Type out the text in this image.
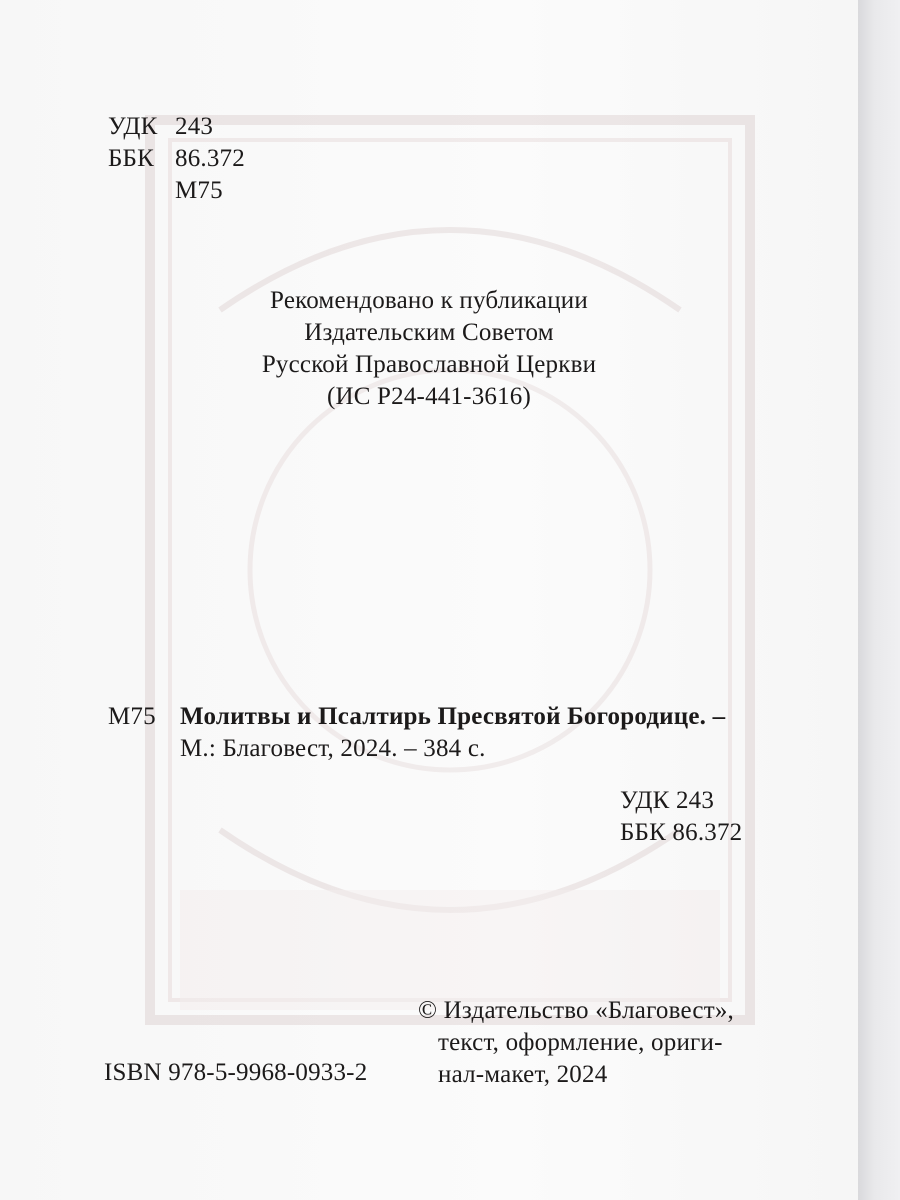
УДК 243
ББК 86.372
М75
Рекомендовано к публикации
Издательским Советом
Русской Православной Церкви
(ИС Р24-441-3616)
М75 Молитвы и Псалтирь Пресвятой Богородице. –
М.: Благовест, 2024. – 384 с.
УДК 243
ББК 86.372
ISBN 978-5-9968-0933-2
© Издательство «Благовест»,
текст, оформление, ориги-
нал-макет, 2024
